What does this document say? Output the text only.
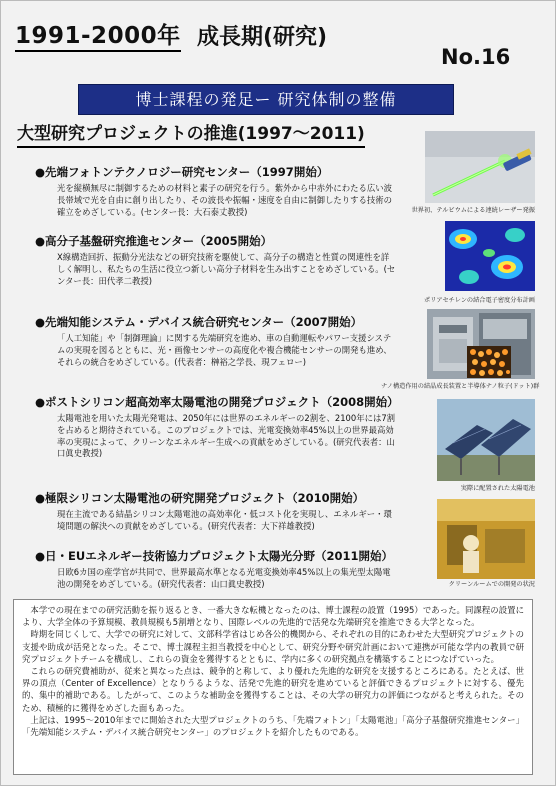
1991-2000年 成長期(研究)
No.16
博士課程の発足ー 研究体制の整備
大型研究プロジェクトの推進(1997〜2011)
●先端フォトンテクノロジー研究センター（1997開始）
光を縦横無尽に制御するための材料と素子の研究を行う。紫外から中赤外にわたる広い波長帯域で光を自由に創り出したり、その波長や振幅・速度を自由に制御したりする技術の確立をめざしている。(センター長：大石泰丈教授)
●高分子基盤研究推進センター（2005開始）
X線構造回折、振動分光法などの研究技術を駆使して、高分子の構造と性質の関連性を詳しく解明し、私たちの生活に役立つ新しい高分子材料を生み出すことをめざしている。(センター長：田代孝二教授)
●先端知能システム・デバイス統合研究センター（2007開始）
「人工知能」や「制御理論」に関する先端研究を進め、車の自動運転やパワー支援システムの実現を図るとともに、光・画像センサーの高度化や複合機能センサーの開発も進め、それらの統合をめざしている。(代表者：榊裕之学長、現フェロー)
●ポストシリコン超高効率太陽電池の開発プロジェクト（2008開始）
太陽電池を用いた太陽光発電は、2050年には世界のエネルギーの2割を、2100年には7割を占めると期待されている。このプロジェクトでは、光電変換効率45%以上の世界最高効率の実現によって、クリーンなエネルギー生成への貢献をめざしている。(研究代表者：山口眞史教授)
●極限シリコン太陽電池の研究開発プロジェクト（2010開始）
現在主流である結晶シリコン太陽電池の高効率化・低コスト化を実現し、エネルギー・環境問題の解決への貢献をめざしている。(研究代表者：大下祥雄教授)
●日・EUエネルギー技術協力プロジェクト太陽光分野（2011開始）
日欧6カ国の産学官が共同で、世界最高水準となる光電変換効率45%以上の集光型太陽電池の開発をめざしている。(研究代表者：山口眞史教授)
世界初、テルビウムによる連続レーザー発振
ポリアセチレンの結合電子密度分布計画
ナノ構造作用の結晶成長装置と半導体ナノ粒子(ドット)群
実際に配置された太陽電池
クリーンルームでの開発の状況

本学での現在までの研究活動を振り返るとき、一番大きな転機となったのは、博士課程の設置（1995）であった。同課程の設置により、大学全体の予算規模、教員規模も5割増となり、国際レベルの先進的で活発な先端研究を推進できる大学となった。

時期を同じくして、大学での研究に対して、文部科学省はじめ各公的機関から、それぞれの目的にあわせた大型研究プロジェクトの支援や助成が活発となった。そこで、博士課程主担当教授を中心として、研究分野や研究計画において連携が可能な学内の教員で研究プロジェクトチームを構成し、これらの資金を獲得するとともに、学内に多くの研究拠点を構築することにつなげていった。

これらの研究費補助が、従来と異なった点は、競争的と称して、より優れた先進的な研究を支援するところにある。たとえば、世界の頂点（Center of Excellence）となりうるような、活発で先進的研究を進めていると評価できるプロジェクトに対する、優先的、集中的補助である。したがって、このような補助金を獲得することは、その大学の研究力の評価につながると考えられた。そのため、積極的に獲得をめざした面もあった。

上記は、1995〜2010年までに開始された大型プロジェクトのうち、「先端フォトン」「太陽電池」「高分子基盤研究推進センター」「先端知能システム・デバイス統合研究センター」のプロジェクトを紹介したものである。
